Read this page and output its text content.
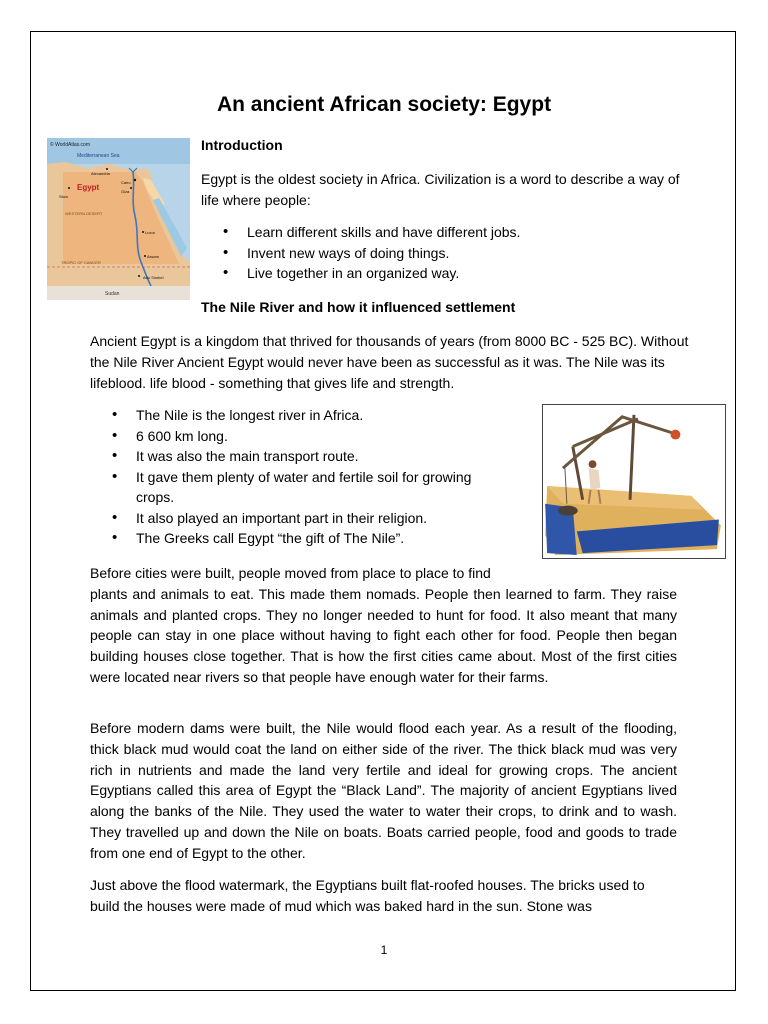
An ancient African society: Egypt
© WorldAtlas.com
Mediterranean Sea
Egypt
WESTERN DESERT
TROPIC OF CANCER
Sudan
Alexandria
Cairo
Giza
Siwa
Luxor
Aswan
Abu Simbel
Introduction

Egypt is the oldest society in Africa. Civilization is a word to describe a way of life where people:

• Learn different skills and have different jobs.
• Invent new ways of doing things.
• Live together in an organized way.
The Nile River and how it influenced settlement

Ancient Egypt is a kingdom that thrived for thousands of years (from 8000 BC - 525 BC). Without the Nile River Ancient Egypt would never have been as successful as it was. The Nile was its lifeblood. life blood - something that gives life and strength.

• The Nile is the longest river in Africa.
• 6 600 km long.
• It was also the main transport route.
• It gave them plenty of water and fertile soil for growing crops.
• It also played an important part in their religion.
• The Greeks call Egypt “the gift of The Nile”.

Before cities were built, people moved from place to place to find
plants and animals to eat. This made them nomads. People then learned to farm. They raise animals and planted crops. They no longer needed to hunt for food. It also meant that many people can stay in one place without having to fight each other for food. People then began building houses close together. That is how the first cities came about. Most of the first cities were located near rivers so that people have enough water for their farms.

Before modern dams were built, the Nile would flood each year. As a result of the flooding, thick black mud would coat the land on either side of the river. The thick black mud was very rich in nutrients and made the land very fertile and ideal for growing crops. The ancient Egyptians called this area of Egypt the “Black Land”. The majority of ancient Egyptians lived along the banks of the Nile. They used the water to water their crops, to drink and to wash. They travelled up and down the Nile on boats. Boats carried people, food and goods to trade from one end of Egypt to the other.

Just above the flood watermark, the Egyptians built flat-roofed houses. The bricks used to build the houses were made of mud which was baked hard in the sun. Stone was

1
